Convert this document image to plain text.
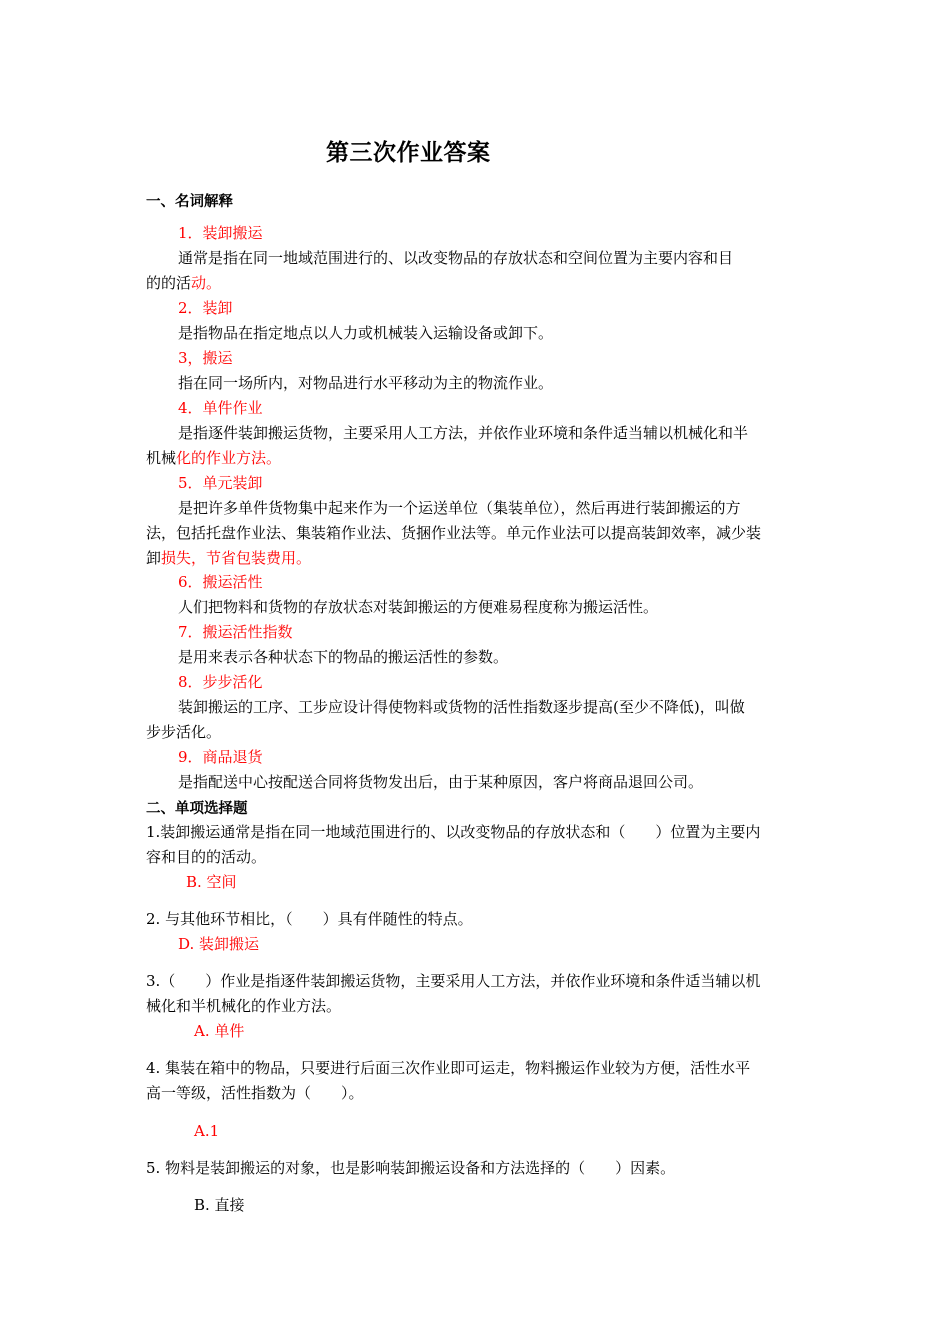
第三次作业答案
一、名词解释
1．装卸搬运
通常是指在同一地域范围进行的、以改变物品的存放状态和空间位置为主要内容和目
的的活动。
2．装卸
是指物品在指定地点以人力或机械装入运输设备或卸下。
3，搬运
指在同一场所内，对物品进行水平移动为主的物流作业。
4．单件作业
是指逐件装卸搬运货物，主要采用人工方法，并依作业环境和条件适当辅以机械化和半
机械化的作业方法。
5．单元装卸
是把许多单件货物集中起来作为一个运送单位（集装单位），然后再进行装卸搬运的方
法，包括托盘作业法、集装箱作业法、货捆作业法等。单元作业法可以提高装卸效率，减少装
卸损失，节省包装费用。
6．搬运活性
人们把物料和货物的存放状态对装卸搬运的方便难易程度称为搬运活性。
7．搬运活性指数
是用来表示各种状态下的物品的搬运活性的参数。
8．步步活化
装卸搬运的工序、工步应设计得使物料或货物的活性指数逐步提高(至少不降低)，叫做
步步活化。
9．商品退货
是指配送中心按配送合同将货物发出后，由于某种原因，客户将商品退回公司。
二、单项选择题
1.装卸搬运通常是指在同一地域范围进行的、以改变物品的存放状态和（　　）位置为主要内
容和目的的活动。
B. 空间
2. 与其他环节相比，（　　）具有伴随性的特点。
D. 装卸搬运
3.（　　）作业是指逐件装卸搬运货物，主要采用人工方法，并依作业环境和条件适当辅以机
械化和半机械化的作业方法。
A. 单件
4. 集装在箱中的物品，只要进行后面三次作业即可运走，物料搬运作业较为方便，活性水平
高一等级，活性指数为（　　）。
A.1
5. 物料是装卸搬运的对象，也是影响装卸搬运设备和方法选择的（　　）因素。
B. 直接
